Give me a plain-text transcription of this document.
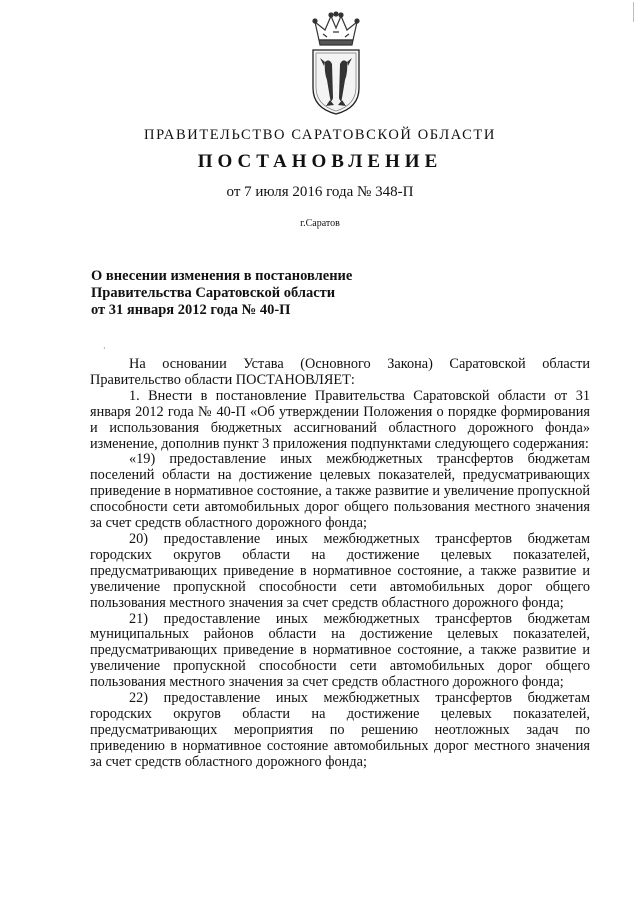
ПРАВИТЕЛЬСТВО САРАТОВСКОЙ ОБЛАСТИ
ПОСТАНОВЛЕНИЕ
от 7 июля 2016 года № 348-П
г.Саратов
О внесении изменения в постановление
Правительства Саратовской области
от 31 января 2012 года № 40-П
·

На основании Устава (Основного Закона) Саратовской области Правительство области ПОСТАНОВЛЯЕТ:

1. Внести в постановление Правительства Саратовской области от 31 января 2012 года № 40-П «Об утверждении Положения о порядке формирования и использования бюджетных ассигнований областного дорожного фонда» изменение, дополнив пункт 3 приложения подпунктами следующего содержания:

«19) предоставление иных межбюджетных трансфертов бюджетам поселений области на достижение целевых показателей, предусматривающих приведение в нормативное состояние, а также развитие и увеличение пропускной способности сети автомобильных дорог общего пользования местного значения за счет средств областного дорожного фонда;

20) предоставление иных межбюджетных трансфертов бюджетам городских округов области на достижение целевых показателей, предусматривающих приведение в нормативное состояние, а также развитие и увеличение пропускной способности сети автомобильных дорог общего пользования местного значения за счет средств областного дорожного фонда;

21) предоставление иных межбюджетных трансфертов бюджетам муниципальных районов области на достижение целевых показателей, предусматривающих приведение в нормативное состояние, а также развитие и увеличение пропускной способности сети автомобильных дорог общего пользования местного значения за счет средств областного дорожного фонда;

22) предоставление иных межбюджетных трансфертов бюджетам городских округов области на достижение целевых показателей, предусматривающих мероприятия по решению неотложных задач по приведению в нормативное состояние автомобильных дорог местного значения за счет средств областного дорожного фонда;
